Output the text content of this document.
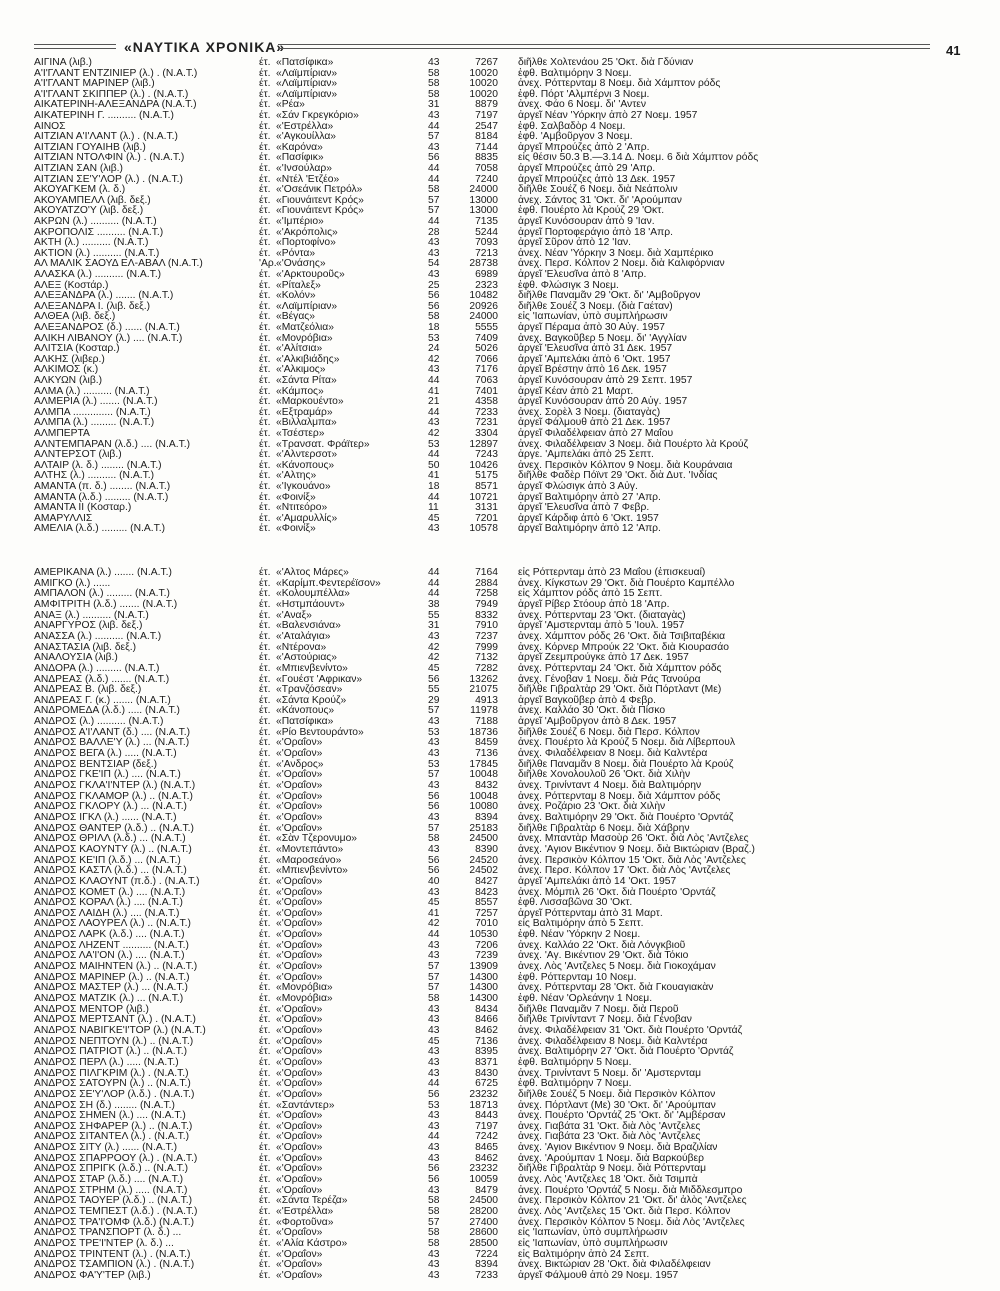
«ΝΑΥΤΙΚΑ ΧΡΟΝΙΚΑ»	41
ΑΙΓΙΝΑ (λιβ.)	έτ. «Πατσίφικα»	43	7267 διῆλθε Χολτενάου 25 'Οκτ. διὰ Γδύνιαν
Α'Ι'ΓΛΑΝΤ ΕΝΤΖΙΝΙΕΡ (λ.) . (Ν.Α.Τ.)	έτ. «Λαϊμπίριαν»	58	10020 ἐφθ. Βαλτιμόρην 3 Νοεμ.
Α'Ι'ΓΛΑΝΤ ΜΑΡΙΝΕΡ (λιβ.)	έτ. «Λαϊμπίριαν»	58	10020 ἀνεχ. Ρόττερνταμ 8 Νοεμ. διὰ Χάμπτον ρόδς
Α'Ι'ΓΛΑΝΤ ΣΚΙΠΠΕΡ (λ.) . (Ν.Α.Τ.)	έτ. «Λαϊμπίριαν»	58	10020 ἐφθ. Πόρτ 'Αλμπέρνι 3 Νοεμ.
ΑΙΚΑΤΕΡΙΝΗ-ΑΛΕΞΑΝΔΡΑ (Ν.Α.Τ.)	έτ. «Ρέα»	31	8879 ἀνεχ. Φάο 6 Νοεμ. δι' 'Αντεν
ΑΙΚΑΤΕΡΙΝΗ Γ. .......... (Ν.Α.Τ.)	έτ. «Σάν Γκρεγκόριο»	43	7197 ἀργεῖ Νέαν 'Υόρκην ἀπὸ 27 Νοεμ. 1957
ΑΙΝΟΣ	έτ. «'Εστρέλλα»	44	2547 ἐφθ. Σαλβαδὸρ 4 Νοεμ.
ΑΙΤΖΙΑΝ Α'Ι'ΛΑΝΤ (λ.) . (Ν.Α.Τ.)	έτ. «'Αγκουίλλα»	57	8184 ἐφθ. 'Αμβοῦργον 3 Νοεμ.
ΑΙΤΖΙΑΝ ΓΟΥΑΙΗΒ (λιβ.)	έτ. «Καρόνα»	43	7144 ἀργεῖ Μπρούζες ἀπὸ 2 'Απρ.
ΑΙΤΖΙΑΝ ΝΤΟΛΦΙΝ (λ.) . (Ν.Α.Τ.)	έτ. «Πασίφικ»	56	8835 εἰς θέσιν 50.3 Β.—3.14 Δ. Νοεμ. 6 διὰ Χάμπτον ρόδς
ΑΙΤΖΙΑΝ ΣΑΝ (λιβ.)	έτ. «'Ινσούλαρ»	44	7058 ἀργεῖ Μπρούζες ἀπὸ 29 'Απρ.
ΑΙΤΖΙΑΝ ΣΕ'Υ'ΛΟΡ (λ.) . (Ν.Α.Τ.)	έτ. «Ντέλ 'Ετζέο»	44	7240 ἀργεῖ Μπρούζες ἀπὸ 13 Δεκ. 1957
ΑΚΟΥΑΓΚΕΜ (λ. δ.)	έτ. «'Οσεάνικ Πετρόλ»	58	24000 διῆλθε Σουέζ 6 Νοεμ. διὰ Νεάπολιν
ΑΚΟΥΑΜΠΕΛΛ (λιβ. δεξ.)	έτ. «Γιουνάιτεντ Κρός»	57	13000 ἀνεχ. Σάντος 31 'Οκτ. δι' 'Αρούμπαν
ΑΚΟΥΑΤΖΟ'Υ (λιβ. δεξ.)	έτ. «Γιουνάιτεντ Κρός»	57	13000 ἐφθ. Πουέρτο λὰ Κρούζ 29 'Οκτ.
ΑΚΡΩΝ (λ.) .......... (Ν.Α.Τ.)	έτ. «'Ιμπέριο»	44	7135 ἀργεῖ Κυνόσουραν ἀπὸ 9 'Ιαν.
ΑΚΡΟΠΟΛΙΣ .......... (Ν.Α.Τ.)	έτ. «'Ακρόπολις»	28	5244 ἀργεῖ Πορτοφεράγιο ἀπὸ 18 'Απρ.
ΑΚΤΗ (λ.) .......... (Ν.Α.Τ.)	έτ. «Πορτοφίνο»	43	7093 ἀργεῖ Σῦρον ἀπὸ 12 'Ιαν.
ΑΚΤΙΟΝ (λ.) .......... (Ν.Α.Τ.)	έτ. «Ρόντα»	43	7213 ἀνεχ. Νέαν 'Υόρκην 3 Νοεμ. διὰ Χαμπέρικο
ΑΛ ΜΑΛΙΚ ΣΑΟΥΔ ΕΛ-ΑΒΑΛ (Ν.Α.Τ.)	'Αρ. «'Ονάσης»	54	28738 ἀνεχ. Περσ. Κόλπον 2 Νοεμ. διὰ Καλιφόρνιαν
ΑΛΑΣΚΑ (λ.) .......... (Ν.Α.Τ.)	έτ. «'Αρκτουροῦς»	43	6989 ἀργεῖ 'Ελευσῖνα ἀπὸ 8 'Απρ.
ΑΛΕΞ (Κοστάρ.)	έτ. «Ρίταλεξ»	25	2323 ἐφθ. Φλώσιγκ 3 Νοεμ.
ΑΛΕΞΑΝΔΡΑ (λ.) ....... (Ν.Α.Τ.)	έτ. «Κολόν»	56	10482 διῆλθε Παναμᾶν 29 'Οκτ. δι' 'Αμβοῦργον
ΑΛΕΞΑΝΔΡΑ Ι. (λιβ. δεξ.)	έτ. «Λαϊμπίριαν»	56	20926 διῆλθε Σουέζ 3 Νοεμ. (διὰ Γαέταν)
ΑΛΘΕΑ (λιβ. δεξ.)	έτ. «Βέγας»	58	24000 εἰς 'Ιαπωνίαν, ὑπὸ συμπλήρωσιν
ΑΛΕΞΑΝΔΡΟΣ (δ.) ...... (Ν.Α.Τ.)	έτ. «Ματζεόλια»	18	5555 ἀργεῖ Πέραμα ἀπὸ 30 Αὐγ. 1957
ΑΛΙΚΗ ΛΙΒΑΝΟΥ (λ.) .... (Ν.Α.Τ.)	έτ. «Μονρόβια»	53	7409 ἀνεχ. Βαγκοῦβερ 5 Νοεμ. δι' 'Αγγλίαν
ΑΛΙΤΣΙΑ (Κοσταρ.)	έτ. «'Αλίτσια»	24	5026 ἀργεῖ 'Ελευσῖνα ἀπὸ 31 Δεκ. 1957
ΑΛΚΗΣ (λιβερ.)	έτ. «'Αλκιβιάδης»	42	7066 ἀργεῖ 'Αμπελάκι ἀπὸ 6 'Οκτ. 1957
ΑΛΚΙΜΟΣ (κ.)	έτ. «'Αλκιμος»	43	7176 ἀργεῖ Βρέστην ἀπὸ 16 Δεκ. 1957
ΑΛΚΥΩΝ (λιβ.)	έτ. «Σάντα Ρίτα»	44	7063 ἀργεῖ Κυνόσουραν ἀπὸ 29 Σεπτ. 1957
ΑΛΜΑ (λ.) .......... (Ν.Α.Τ.)	έτ. «Κάμπος»	41	7401 ἀργεῖ Κέαν ἀπὸ 21 Μαρτ.
ΑΛΜΕΡΙΑ (λ.) ....... (Ν.Α.Τ.)	έτ. «Μαρκουέντο»	21	4358 ἀργεῖ Κυνόσουραν ἀπὸ 20 Αὐγ. 1957
ΑΛΜΠΑ .............. (Ν.Α.Τ.)	έτ. «Εξτραμάρ»	44	7233 ἀνεχ. Σορὲλ 3 Νοεμ. (διαταγὰς)
ΑΛΜΠΑ (λ.) ......... (Ν.Α.Τ.)	έτ. «Βιλλαλμπα»	43	7231 ἀργεῖ Φάλμουθ ἀπὸ 21 Δεκ. 1957
ΑΛΜΠΕΡΤΑ	έτ. «Τσέστερ»	42	3304 ἀργεῖ Φιλαδέλφειαν ἀπὸ 27 Μαΐου
ΑΛΝΤΕΜΠΑΡΑΝ (λ.δ.) .... (Ν.Α.Τ.)	έτ. «Τρανσατ. Φράϊτερ»	53	12897 ἀνεχ. Φιλαδέλφειαν 3 Νοεμ. διὰ Πουέρτο λὰ Κρούζ
ΑΛΝΤΕΡΣΟΤ (λιβ.)	έτ. «'Αλντερσοτ»	44	7243 ἀργε. 'Αμπελάκι ἀπὸ 25 Σεπτ.
ΑΛΤΑΙΡ (λ. δ.) ........ (Ν.Α.Τ.)	έτ. «Κάνοπους»	50	10426 ἀνεχ. Περσικὸν Κόλπον 9 Νοεμ. διὰ Κουράναια
ΑΛΤΗΣ (λ.) .......... (Ν.Α.Τ.)	έτ. «'Αλτης»	41	5175 διῆλθε Φαδὲρ Πόϊντ 29 'Οκτ. διὰ Δυτ. 'Ινδίας
ΑΜΑΝΤΑ (π. δ.) ........ (Ν.Α.Τ.)	έτ. «'Ιγκουάνο»	18	8571 ἀργεῖ Φλώσιγκ ἀπὸ 3 Αὐγ.
ΑΜΑΝΤΑ (λ.δ.) ......... (Ν.Α.Τ.)	έτ. «Φοινίξ»	44	10721 ἀργεῖ Βαλτιμόρην ἀπὸ 27 'Απρ.
ΑΜΑΝΤΑ ΙΙ (Κοσταρ.)	έτ. «Ντιτεόρο»	11	3131 ἀργεῖ 'Ελευσῖνα ἀπὸ 7 Φεβρ.
ΑΜΑΡΥΛΛΙΣ	έτ. «'Αμαρυλλίς»	45	7201 ἀργεῖ Κάρδιφ ἀπὸ 6 'Οκτ. 1957
ΑΜΕΛΙΑ (λ.δ.) ......... (Ν.Α.Τ.)	έτ. «Φοινίξ»	43	10578 ἀργεῖ Βαλτιμόρην ἀπὸ 12 'Απρ.
ΑΜΕΡΙΚΑΝΑ (λ.) ....... (Ν.Α.Τ.)	έτ. «'Αλτος Μάρες»	44	7164 εἰς Ρόττερνταμ ἀπὸ 23 Μαΐου (ἐπισκευαί)
ΑΜΙΓΚΟ (λ.) ......	έτ. «Καρίμπ.Φεντερέϊσον»	44	2884 ἀνεχ. Κίγκστων 29 'Οκτ. διὰ Πουέρτο Καμπέλλο
ΑΜΠΑΛΟΝ (λ.) ......... (Ν.Α.Τ.)	έτ. «Κολουμπέλλα»	44	7258 εἰς Χάμπτον ρόδς ἀπὸ 15 Σεπτ.
ΑΜΦΙΤΡΙΤΗ (λ.δ.) ....... (Ν.Α.Τ.)	έτ. «Ηστμπάουντ»	38	7949 ἀργεῖ Ρίβερ Στόουρ ἀπὸ 18 'Απρ.
ΑΝΑΞ (λ.) .......... (Ν.Α.Τ.)	έτ. «'Αναξ»	55	8332 ἀνεχ. Ρόττερνταμ 23 'Οκτ. (διαταγὰς)
ΑΝΑΡΓΥΡΟΣ (λιβ. δεξ.)	έτ. «Βαλενσιάνα»	31	7910 ἀργεῖ 'Αμστερνταμ ἀπὸ 5 'Ιουλ. 1957
ΑΝΑΣΣΑ (λ.) .......... (Ν.Α.Τ.)	έτ. «'Αταλάγια»	43	7237 ἀνεχ. Χάμπτον ρόδς 26 'Οκτ. διὰ Τσιβιταβέκια
ΑΝΑΣΤΑΣΙΑ (λιβ. δεξ.)	έτ. «Ντέρονα»	42	7999 ἀνεχ. Κόρνερ Μπρούκ 22 'Οκτ. διὰ Κιουρασάο
ΑΝΑΛΟΥΣΙΑ (λιβ.)	έτ. «'Αστούριας»	42	7132 ἀργεῖ Ζεεμπρούγκε ἀπὸ 17 Δεκ. 1957
ΑΝΔΟΡΑ (λ.) ......... (Ν.Α.Τ.)	έτ. «Μπιενβενίντο»	45	7282 ἀνεχ. Ρόττερνταμ 24 'Οκτ. διὰ Χάμπτον ρόδς
ΑΝΔΡΕΑΣ (λ.δ.) ....... (Ν.Α.Τ.)	έτ. «Γουέστ 'Αφρικαν»	56	13262 ἀνεχ. Γένοβαν 1 Νοεμ. διὰ Ράς Τανούρα
ΑΝΔΡΕΑΣ Β. (λιβ. δεξ.)	έτ. «Τρανζόσεαν»	55	21075 διῆλθε Γιβραλτὰρ 29 'Οκτ. διὰ Πόρτλαντ (Με)
ΑΝΔΡΕΑΣ Γ. (κ.) ....... (Ν.Α.Τ.)	έτ. «Σάντα Κρούζ»	29	4913 ἀργεῖ Βαγκοῦβερ ἀπὸ 4 Φεβρ.
ΑΝΔΡΟΜΕΔΑ (λ.δ.) ..... (Ν.Α.Τ.)	έτ. «Κάνοπους»	57	11978 ἀνεχ. Καλλάο 30 'Οκτ. διὰ Πίσκο
ΑΝΔΡΟΣ (λ.) .......... (Ν.Α.Τ.)	έτ. «Πατσίφικα»	43	7188 ἀργεῖ 'Αμβοῦργον ἀπὸ 8 Δεκ. 1957
ΑΝΔΡΟΣ Α'Ι'ΛΑΝΤ (δ.) .... (Ν.Α.Τ.)	έτ. «Ρίο Βεντουράντο»	53	18736 διῆλθε Σουέζ 6 Νοεμ. διὰ Περσ. Κόλπον
ΑΝΔΡΟΣ ΒΑΛΛΕ'Υ (λ.) ... (Ν.Α.Τ.)	έτ. «'Οραΐον»	43	8459 ἀνεχ. Πουέρτο λὰ Κρούζ 5 Νοεμ. διὰ Λίβερπουλ
ΑΝΔΡΟΣ ΒΕΓΑ (λ.) ..... (Ν.Α.Τ.)	έτ. «'Οραΐον»	43	7136 ἀνεχ. Φιλαδέλφειαν 8 Νοεμ. διὰ Καλντέρα
ΑΝΔΡΟΣ ΒΕΝΤΣΙΑΡ (δεξ.)	έτ. «'Ανδρος»	53	17845 διῆλθε Παναμᾶν 8 Νοεμ. διὰ Πουέρτο λὰ Κρούζ
ΑΝΔΡΟΣ ΓΚΕ'ΙΠ (λ.) .... (Ν.Α.Τ.)	έτ. «'Οραΐον»	57	10048 διῆλθε Χονολουλοῦ 26 'Οκτ. διὰ Χιλὴν
ΑΝΔΡΟΣ ΓΚΛΑ'Ι'ΝΤΕΡ (λ.) (Ν.Α.Τ.)	έτ. «'Οραΐον»	43	8432 ἀνεχ. Τρινίνταντ 4 Νοεμ. διὰ Βαλτιμόρην
ΑΝΔΡΟΣ ΓΚΛΑΜΟΡ (λ.) .. (Ν.Α.Τ.)	έτ. «'Οραΐον»	56	10048 ἀνεχ. Ρόττερνταμ 8 Νοεμ. διὰ Χάμπτον ρόδς
ΑΝΔΡΟΣ ΓΚΛΟΡΥ (λ.) ... (Ν.Α.Τ.)	έτ. «'Οραΐον»	56	10080 ἀνεχ. Ροζάριο 23 'Οκτ. διὰ Χιλὴν
ΑΝΔΡΟΣ ΙΓΚΛ (λ.) ...... (Ν.Α.Τ.)	έτ. «'Οραΐον»	43	8394 ἀνεχ. Βαλτιμόρην 29 'Οκτ. διὰ Πουέρτο 'Ορντάζ
ΑΝΔΡΟΣ ΘΑΝΤΕΡ (λ.δ.) .. (Ν.Α.Τ.)	έτ. «'Οραΐον»	57	25183 διῆλθε Γιβραλτὰρ 6 Νοεμ. διὰ Χάβρην
ΑΝΔΡΟΣ ΘΡΙΛΛ (λ.δ.) ... (Ν.Α.Τ.)	έτ. «Σὰν Τζερονυμο»	58	24500 ἀνεχ. Μπαντὰρ Μασοὺρ 26 'Οκτ. διὰ Λὸς 'Αντζελες
ΑΝΔΡΟΣ ΚΑΟΥΝΤΥ (λ.) .. (Ν.Α.Τ.)	έτ. «Μοντεπάντο»	43	8390 ἀνεχ. 'Αγιον Βικέντιον 9 Νοεμ. διὰ Βικτώριαν (Βραζ.)
ΑΝΔΡΟΣ ΚΕ'ΙΠ (λ.δ.) ... (Ν.Α.Τ.)	έτ. «Μαροσεάνο»	56	24520 ἀνεχ. Περσικὸν Κόλπον 15 'Οκτ. διὰ Λὸς 'Αντζελες
ΑΝΔΡΟΣ ΚΑΣΤΛ (λ.δ.) ... (Ν.Α.Τ.)	έτ. «Μπιενβενίντο»	56	24502 ἀνεχ. Περσ. Κόλπον 17 'Οκτ. διὰ Λὸς 'Αντζελες
ΑΝΔΡΟΣ ΚΛΑΟΥΝΤ (π.δ.) . (Ν.Α.Τ.)	έτ. «'Οραΐον»	40	8427 ἀργεῖ 'Αμπελάκι ἀπὸ 14 'Οκτ. 1957
ΑΝΔΡΟΣ ΚΟΜΕΤ (λ.) .... (Ν.Α.Τ.)	έτ. «'Οραΐον»	43	8423 ἀνεχ. Μόμπιλ 26 'Οκτ. διὰ Πουέρτο 'Ορντάζ
ΑΝΔΡΟΣ ΚΟΡΑΛ (λ.) .... (Ν.Α.Τ.)	έτ. «'Οραΐον»	45	8557 ἐφθ. Λισσαβῶνα 30 'Οκτ.
ΑΝΔΡΟΣ ΛΑΙΔΗ (λ.) .... (Ν.Α.Τ.)	έτ. «'Οραΐον»	41	7257 ἀργεῖ Ρόττερνταμ ἀπὸ 31 Μαρτ.
ΑΝΔΡΟΣ ΛΑΟΥΡΕΛ (λ.) .. (Ν.Α.Τ.)	έτ. «'Οραΐον»	42	7010 εἰς Βαλτιμόρην ἀπὸ 5 Σεπτ.
ΑΝΔΡΟΣ ΛΑΡΚ (λ.δ.) .... (Ν.Α.Τ.)	έτ. «'Οραΐον»	44	10530 ἐφθ. Νέαν 'Υόρκην 2 Νοεμ.
ΑΝΔΡΟΣ ΛΗΖΕΝΤ .......... (Ν.Α.Τ.)	έτ. «'Οραΐον»	43	7206 ἀνεχ. Καλλάο 22 'Οκτ. διὰ Λόνγκβιοῦ
ΑΝΔΡΟΣ ΛΑ'Ι'ΟΝ (λ.) .... (Ν.Α.Τ.)	έτ. «'Οραΐον»	43	7239 ἀνεχ. 'Αγ. Βικέντιον 29 'Οκτ. διὰ Τόκιο
ΑΝΔΡΟΣ ΜΑΙΗΝΤΕΝ (λ.) .. (Ν.Α.Τ.)	έτ. «'Οραΐον»	57	13909 ἀνεχ. Λὸς 'Αντζελες 5 Νοεμ. διὰ Γιοκοχάμαν
ΑΝΔΡΟΣ ΜΑΡΙΝΕΡ (λ.) .. (Ν.Α.Τ.)	έτ. «'Οραΐον»	57	14300 ἐφθ. Ρόττερνταμ 10 Νοεμ.
ΑΝΔΡΟΣ ΜΑΣΤΕΡ (λ.) ... (Ν.Α.Τ.)	έτ. «Μονρόβια»	57	14300 ἀνεχ. Ρόττερνταμ 28 'Οκτ. διὰ Γκουαγιακὰν
ΑΝΔΡΟΣ ΜΑΤΖΙΚ (λ.) ... (Ν.Α.Τ.)	έτ. «Μονρόβια»	58	14300 ἐφθ. Νέαν 'Ορλεάνην 1 Νοεμ.
ΑΝΔΡΟΣ ΜΕΝΤΟΡ (λιβ.)	έτ. «'Οραΐον»	43	8434 διῆλθε Παναμᾶν 7 Νοεμ. διὰ Περοῦ
ΑΝΔΡΟΣ ΜΕΡΤΣΑΝΤ (λ.) . (Ν.Α.Τ.)	έτ. «'Οραΐον»	43	8466 διῆλθε Τρινίνταντ 7 Νοεμ. διὰ Γένοβαν
ΑΝΔΡΟΣ ΝΑΒΙΓΚΕ'Ι'ΤΟΡ (λ.) (Ν.Α.Τ.)	έτ. «'Οραΐον»	43	8462 ἀνεχ. Φιλαδέλφειαν 31 'Οκτ. διὰ Πουέρτο 'Ορντάζ
ΑΝΔΡΟΣ ΝΕΠΤΟΥΝ (λ.) .. (Ν.Α.Τ.)	έτ. «'Οραΐον»	45	7136 ἀνεχ. Φιλαδέλφειαν 8 Νοεμ. διὰ Καλντέρα
ΑΝΔΡΟΣ ΠΑΤΡΙΟΤ (λ.) .. (Ν.Α.Τ.)	έτ. «'Οραΐον»	43	8395 ἀνεχ. Βαλτιμόρην 27 'Οκτ. διὰ Πουέρτο 'Ορντάζ
ΑΝΔΡΟΣ ΠΕΡΛ (λ.) ..... (Ν.Α.Τ.)	έτ. «'Οραΐον»	43	8371 ἐφθ. Βαλτιμόρην 5 Νοεμ.
ΑΝΔΡΟΣ ΠΙΛΓΚΡΙΜ (λ.) . (Ν.Α.Τ.)	έτ. «'Οραΐον»	43	8430 ἀνεχ. Τρινίνταντ 5 Νοεμ. δι' 'Αμστερνταμ
ΑΝΔΡΟΣ ΣΑΤΟΥΡΝ (λ.) .. (Ν.Α.Τ.)	έτ. «'Οραΐον»	44	6725 ἐφθ. Βαλτιμόρην 7 Νοεμ.
ΑΝΔΡΟΣ ΣΕ'Υ'ΛΟΡ (λ.δ.) . (Ν.Α.Τ.)	έτ. «'Οραΐον»	56	23232 διῆλθε Σουέζ 5 Νοεμ. διὰ Περσικὸν Κόλπον
ΑΝΔΡΟΣ ΣΗ (δ.) ........ (Ν.Α.Τ.)	έτ. «Σαντάντερ»	53	18713 ἀνεχ. Πόρτλαντ (Με) 30 'Οκτ. δι' 'Αρούμπαν
ΑΝΔΡΟΣ ΣΗΜΕΝ (λ.) .... (Ν.Α.Τ.)	έτ. «'Οραΐον»	43	8443 ἀνεχ. Πουέρτο 'Ορντάζ 25 'Οκτ. δι' 'Αμβέρσαν
ΑΝΔΡΟΣ ΣΗΦΑΡΕΡ (λ.) .. (Ν.Α.Τ.)	έτ. «'Οραΐον»	43	7197 ἀνεχ. Γιαβάτα 31 'Οκτ. διὰ Λὸς 'Αντζελες
ΑΝΔΡΟΣ ΣΙΤΑΝΤΕΛ (λ.) . (Ν.Α.Τ.)	έτ. «'Οραΐον»	44	7242 ἀνεχ. Γιαβάτα 23 'Οκτ. διὰ Λὸς 'Αντζελες
ΑΝΔΡΟΣ ΣΙΤΥ (λ.) ...... (Ν.Α.Τ.)	έτ. «'Οραΐον»	43	8465 ἀνεχ. 'Αγιον Βικέντιον 9 Νοεμ. διὰ Βραζιλίαν
ΑΝΔΡΟΣ ΣΠΑΡΡΟΟΥ (λ.) . (Ν.Α.Τ.)	έτ. «'Οραΐον»	43	8462 ἀνεχ. 'Αρούμπαν 1 Νοεμ. διὰ Βαρκούβερ
ΑΝΔΡΟΣ ΣΠΡΙΓΚ (λ.δ.) .. (Ν.Α.Τ.)	έτ. «'Οραΐον»	56	23232 διῆλθε Γιβραλτὰρ 9 Νοεμ. διὰ Ρόττερνταμ
ΑΝΔΡΟΣ ΣΤΑΡ (λ.δ.) .... (Ν.Α.Τ.)	έτ. «'Οραΐον»	56	10059 ἀνεχ. Λὸς 'Αντζελες 18 'Οκτ. διὰ Τσιμπὰ
ΑΝΔΡΟΣ ΣΤΡΗΜ (λ.) ..... (Ν.Α.Τ.)	έτ. «'Οραΐον»	43	8479 ἀνεχ. Πουέρτο 'Ορντάζ 5 Νοεμ. διὰ Μιδδλεσμπρο
ΑΝΔΡΟΣ ΤΑΟΥΕΡ (λ.δ.) .. (Ν.Α.Τ.)	έτ. «Σάντα Τερέζα»	58	24500 ἀνεχ. Περσικὸν Κόλπον 21 'Οκτ. δι' ἀλὸς 'Αντζελες
ΑΝΔΡΟΣ ΤΕΜΠΕΣΤ (λ.δ.) . (Ν.Α.Τ.)	έτ. «'Εστρέλλα»	58	28200 ἀνεχ. Λὸς 'Αντζελες 15 'Οκτ. διὰ Περσ. Κόλπον
ΑΝΔΡΟΣ ΤΡΑ'Ι'ΟΜΦ (λ.δ.) (Ν.Α.Τ.)	έτ. «Φορτοῦνα»	57	27400 ἀνεχ. Περσικὸν Κόλπον 5 Νοεμ. διὰ Λὸς 'Αντζελες
ΑΝΔΡΟΣ ΤΡΑΝΣΠΟΡΤ (λ. δ.) ...	έτ. «'Οραΐον»	58	28600 εἰς 'Ιαπωνίαν, ὑπὸ συμπλήρωσιν
ΑΝΔΡΟΣ ΤΡΕ'Ι'ΝΤΕΡ (λ. δ.) ...	έτ. «'Αλία Κάστρο»	58	28500 εἰς 'Ιαπωνίαν, ὑπὸ συμπλήρωσιν
ΑΝΔΡΟΣ ΤΡΙΝΤΕΝΤ (λ.) . (Ν.Α.Τ.)	έτ. «'Οραΐον»	43	7224 εἰς Βαλτιμόρην ἀπὸ 24 Σεπτ.
ΑΝΔΡΟΣ ΤΣΑΜΠΙΟΝ (λ.) . (Ν.Α.Τ.)	έτ. «'Οραΐον»	43	8394 ἀνεχ. Βικτώριαν 28 'Οκτ. διὰ Φιλαδέλφειαν
ΑΝΔΡΟΣ ΦΑ'Υ'ΤΕΡ (λιβ.)	έτ. «'Οραΐον»	43	7233 ἀργεῖ Φάλμουθ ἀπὸ 29 Νοεμ. 1957
